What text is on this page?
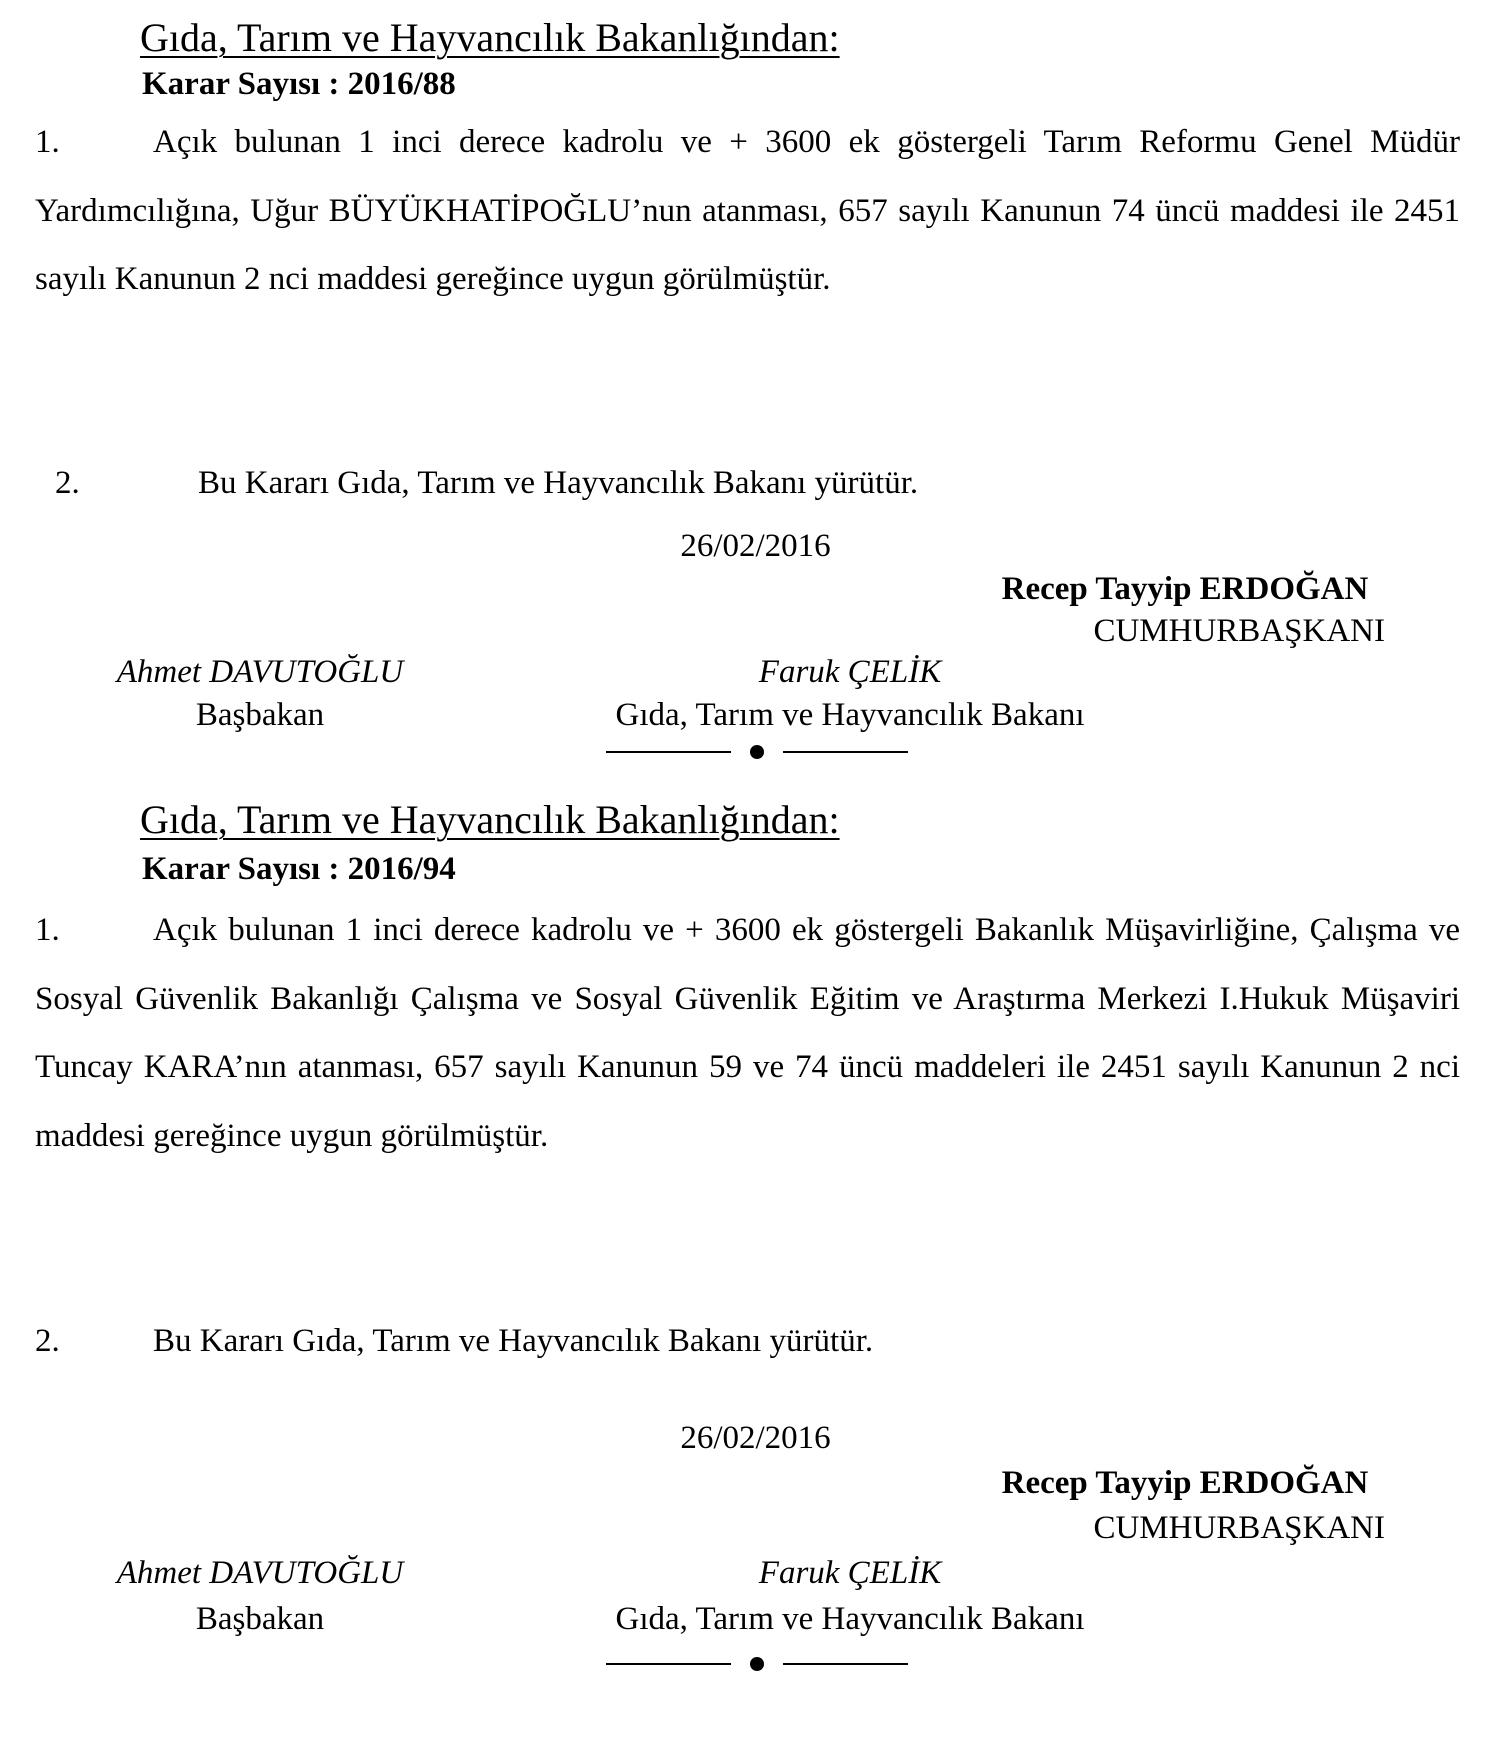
Gıda, Tarım ve Hayvancılık Bakanlığından:
Karar Sayısı : 2016/88
1.	Açık bulunan 1 inci derece kadrolu ve + 3600 ek göstergeli Tarım Reformu Genel Müdür Yardımcılığına, Uğur BÜYÜKHATİPOĞLU’nun atanması, 657 sayılı Kanunun 74 üncü maddesi ile 2451 sayılı Kanunun 2 nci maddesi gereğince uygun görülmüştür.
2.	Bu Kararı Gıda, Tarım ve Hayvancılık Bakanı yürütür.
26/02/2016
Recep Tayyip ERDOĞAN
CUMHURBAŞKANI
Ahmet DAVUTOĞLU	Faruk ÇELİK
Başbakan	Gıda, Tarım ve Hayvancılık Bakanı
Gıda, Tarım ve Hayvancılık Bakanlığından:
Karar Sayısı : 2016/94
1.	Açık bulunan 1 inci derece kadrolu ve + 3600 ek göstergeli Bakanlık Müşavirliğine, Çalışma ve Sosyal Güvenlik Bakanlığı Çalışma ve Sosyal Güvenlik Eğitim ve Araştırma Merkezi I.Hukuk Müşaviri Tuncay KARA’nın atanması, 657 sayılı Kanunun 59 ve 74 üncü maddeleri ile 2451 sayılı Kanunun 2 nci maddesi gereğince uygun görülmüştür.
2.	Bu Kararı Gıda, Tarım ve Hayvancılık Bakanı yürütür.
26/02/2016
Recep Tayyip ERDOĞAN
CUMHURBAŞKANI
Ahmet DAVUTOĞLU	Faruk ÇELİK
Başbakan	Gıda, Tarım ve Hayvancılık Bakanı
